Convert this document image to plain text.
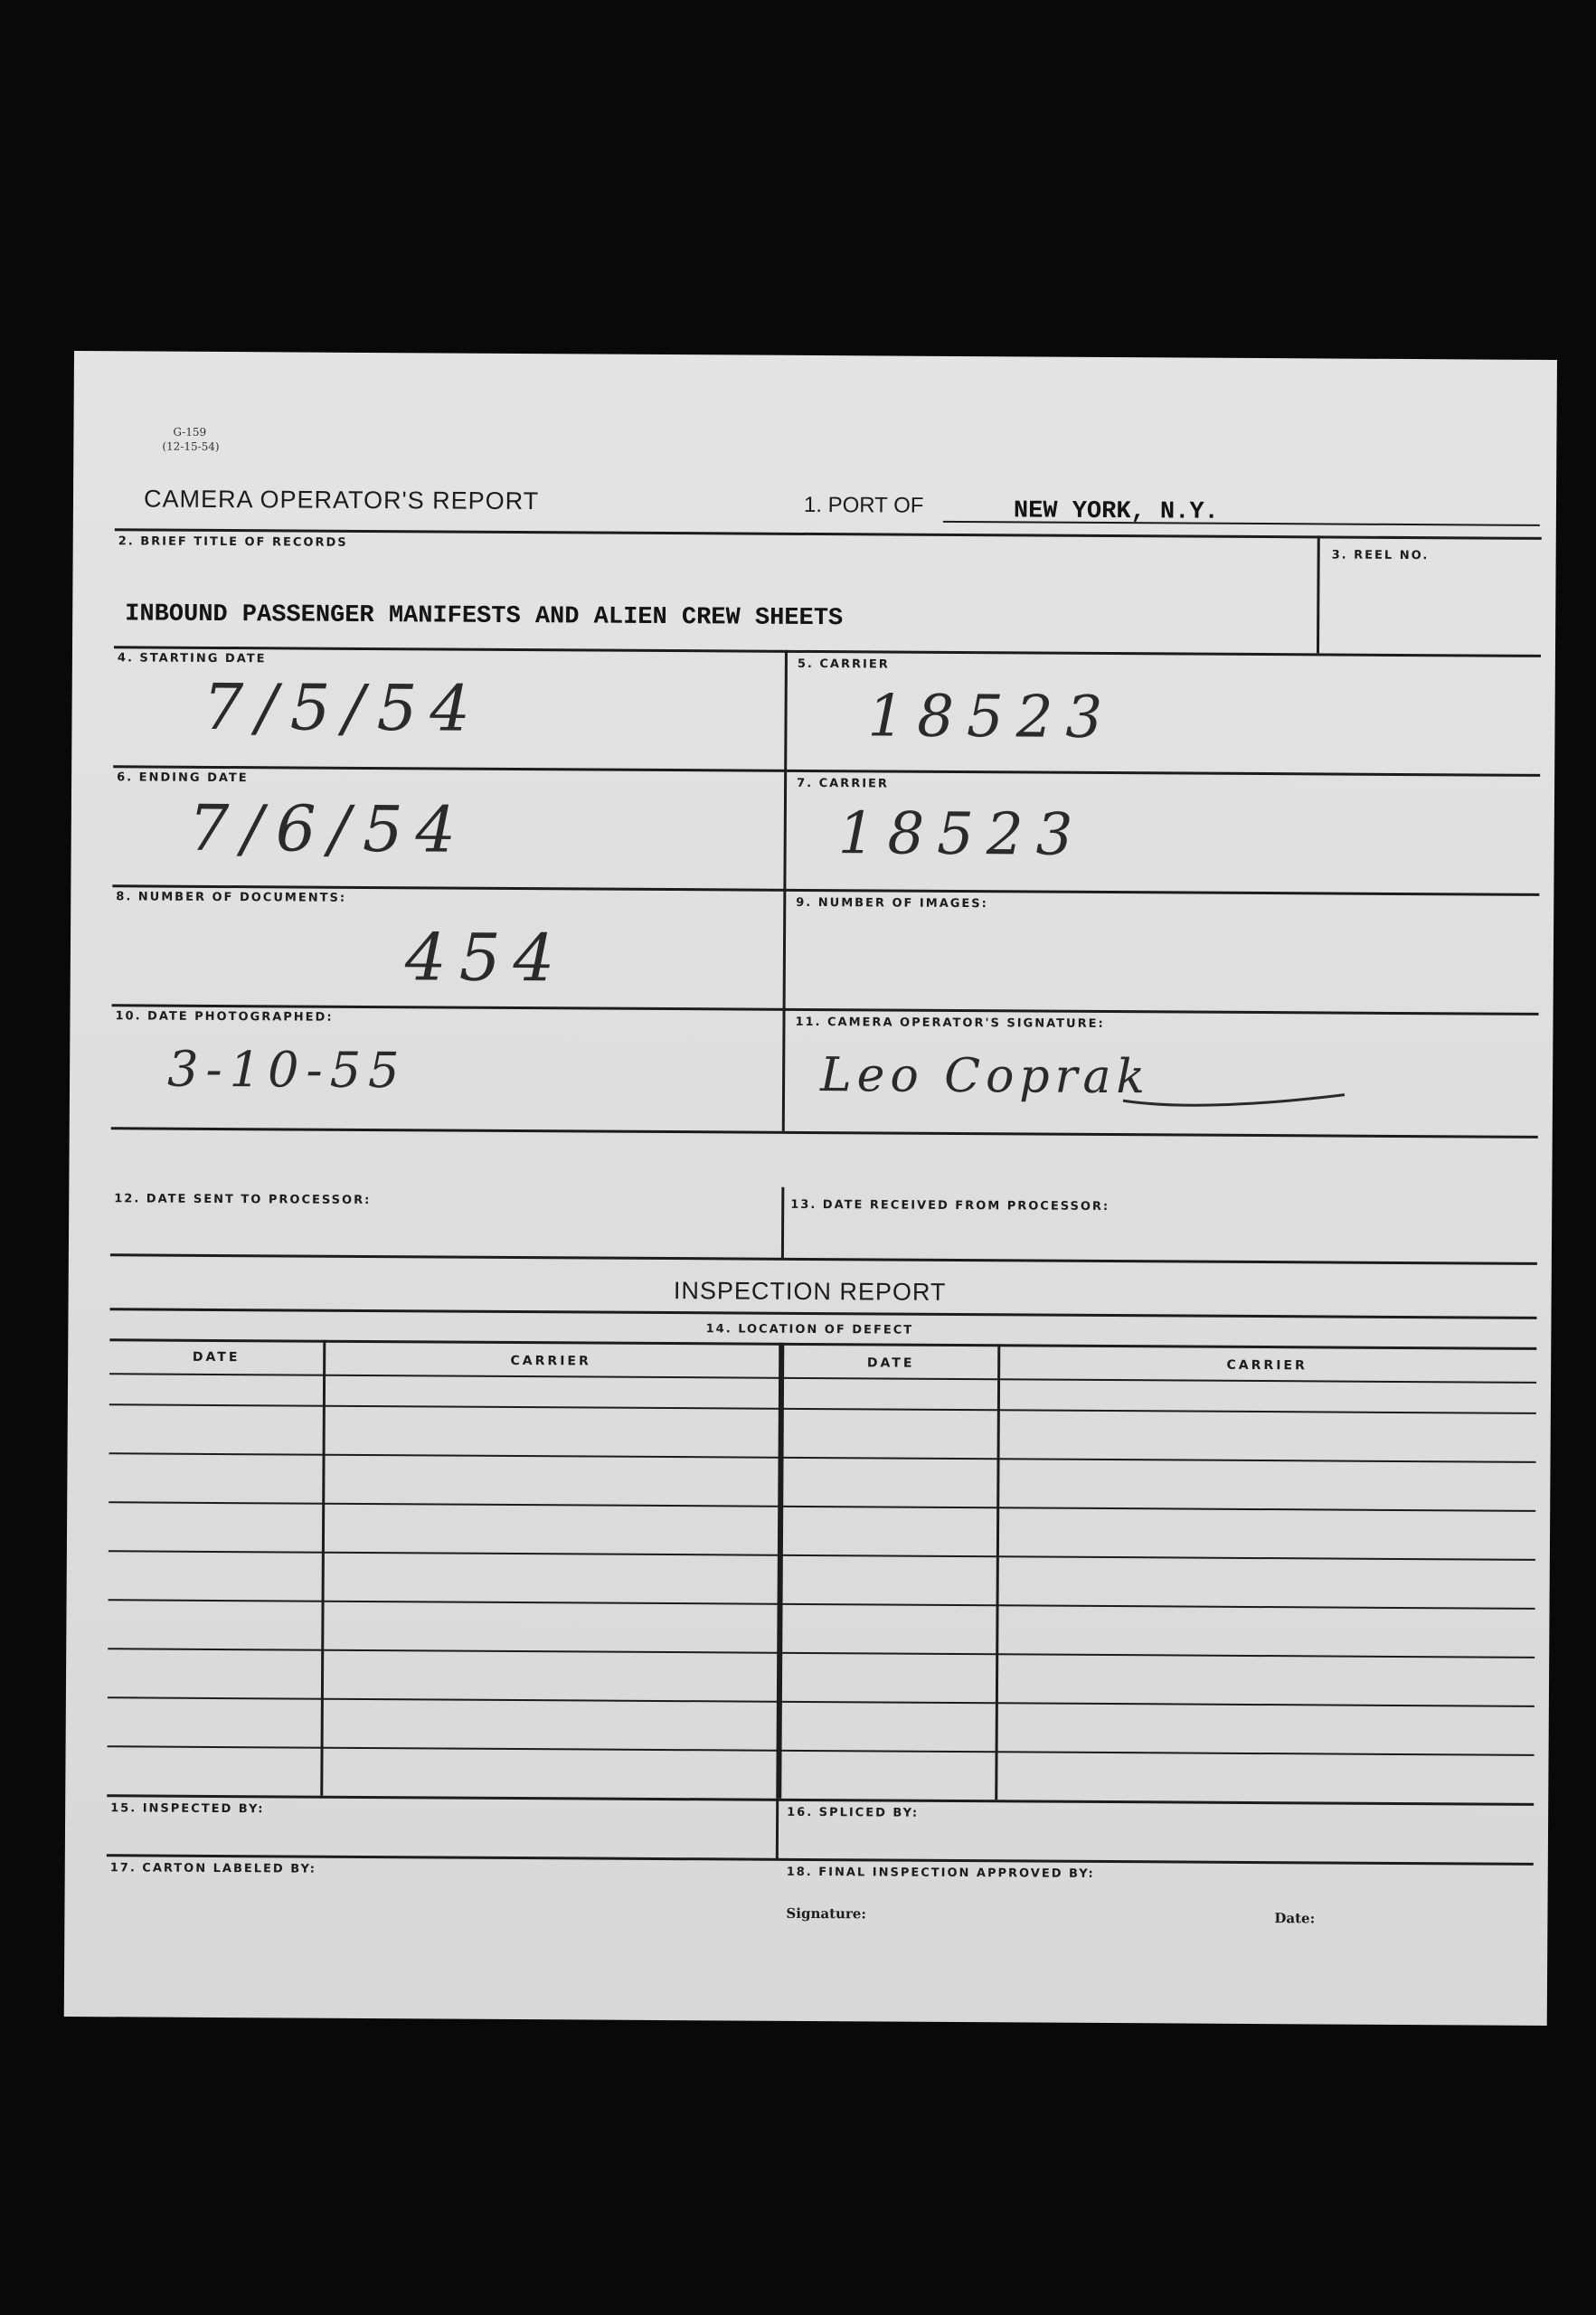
G-159
(12-15-54)
CAMERA OPERATOR'S REPORT	1. PORT OF	NEW YORK, N.Y.
2. BRIEF TITLE OF RECORDS
INBOUND PASSENGER MANIFESTS AND ALIEN CREW SHEETS
3. REEL NO.
4. STARTING DATE
7/5/54
5. CARRIER
18523
6. ENDING DATE
7/6/54
7. CARRIER
18523
8. NUMBER OF DOCUMENTS:
454
9. NUMBER OF IMAGES:
10. DATE PHOTOGRAPHED:
3-10-55
11. CAMERA OPERATOR'S SIGNATURE:
Leo Coprak
12. DATE SENT TO PROCESSOR:	13. DATE RECEIVED FROM PROCESSOR:
INSPECTION REPORT
14. LOCATION OF DEFECT
DATE	CARRIER	DATE	CARRIER
15. INSPECTED BY:	16. SPLICED BY:
17. CARTON LABELED BY:	18. FINAL INSPECTION APPROVED BY:
Signature:	Date:
